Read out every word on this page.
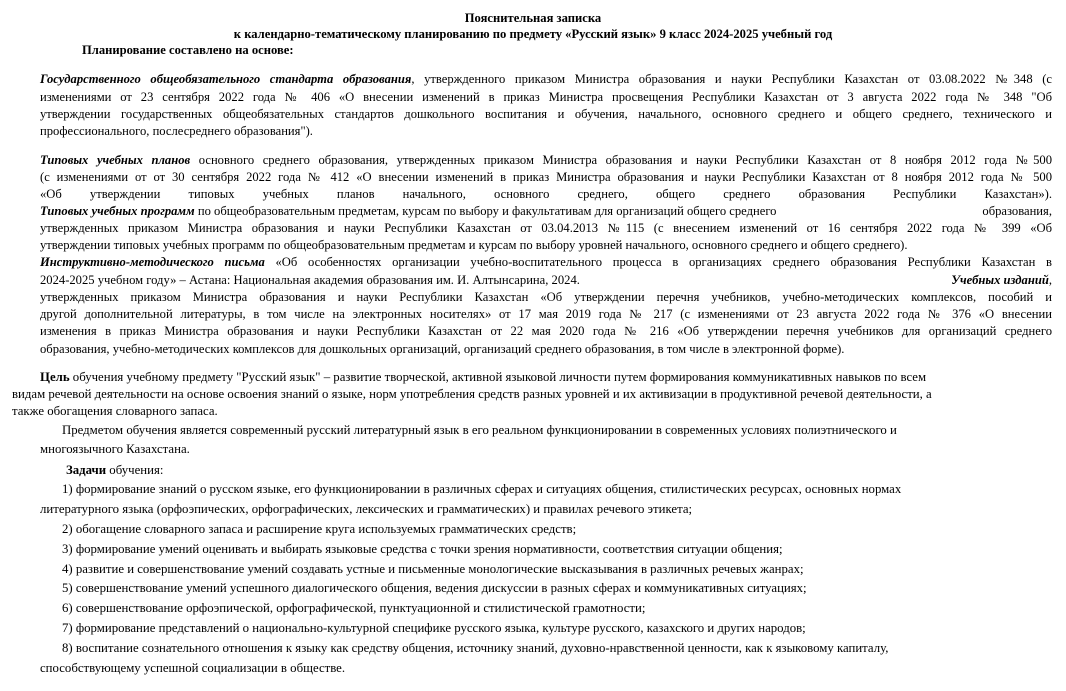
Пояснительная записка
к календарно-тематическому планированию по предмету «Русский язык» 9 класс 2024-2025 учебный год
Планирование составлено на основе:
Государственного общеобязательного стандарта образования, утвержденного приказом Министра образования и науки Республики Казахстан от 03.08.2022 №348 (с
изменениями от 23 сентября 2022 года № 406 «О внесении изменений в приказ Министра просвещения Республики Казахстан от 3 августа 2022 года № 348 "Об
утверждении государственных общеобязательных стандартов дошкольного воспитания и обучения, начального, основного среднего и общего среднего, технического и
профессионального, послесреднего образования").
Типовых учебных планов основного среднего образования, утвержденных приказом Министра образования и науки Республики Казахстан от 8 ноября 2012 года №500
(с изменениями от от 30 сентября 2022 года № 412 «О внесении изменений в приказ Министра образования и науки Республики Казахстан от 8 ноября 2012 года № 500
«Об утверждении типовых учебных планов начального, основного среднего, общего среднего образования Республики Казахстан»).
Типовых учебных программ по общеобразовательным предметам, курсам по выбору и факультативам для организаций общего среднего	образования,
утвержденных приказом Министра образования и науки Республики Казахстан от 03.04.2013 №115 (с внесением изменений от 16 сентября 2022 года № 399 «Об
утверждении типовых учебных программ по общеобразовательным предметам и курсам по выбору уровней начального, основного среднего и общего среднего).
Инструктивно-методического письма «Об особенностях организации учебно-воспитательного процесса в организациях среднего образования Республики Казахстан в
2024-2025 учебном году» – Астана: Национальная академия образования им. И. Алтынсарина, 2024.	Учебных изданий,
утвержденных приказом Министра образования и науки Республики Казахстан «Об утверждении перечня учебников, учебно-методических комплексов, пособий и
другой дополнительной литературы, в том числе на электронных носителях» от 17 мая 2019 года № 217 (с изменениями от 23 августа 2022 года № 376 «О внесении
изменения в приказ Министра образования и науки Республики Казахстан от 22 мая 2020 года № 216 «Об утверждении перечня учебников для организаций среднего
образования, учебно-методических комплексов для дошкольных организаций, организаций среднего образования, в том числе в электронной форме).
Цель обучения учебному предмету "Русский язык" – развитие творческой, активной языковой личности путем формирования коммуникативных навыков по всем
видам речевой деятельности на основе освоения знаний о языке, норм употребления средств разных уровней и их активизации в продуктивной речевой деятельности, а
также обогащения словарного запаса.
Предметом обучения является современный русский литературный язык в его реальном функционировании в современных условиях полиэтнического и
многоязычного Казахстана.
Задачи обучения:
1) формирование знаний о русском языке, его функционировании в различных сферах и ситуациях общения, стилистических ресурсах, основных нормах
литературного языка (орфоэпических, орфографических, лексических и грамматических) и правилах речевого этикета;
2) обогащение словарного запаса и расширение круга используемых грамматических средств;
3) формирование умений оценивать и выбирать языковые средства с точки зрения нормативности, соответствия ситуации общения;
4) развитие и совершенствование умений создавать устные и письменные монологические высказывания в различных речевых жанрах;
5) совершенствование умений успешного диалогического общения, ведения дискуссии в разных сферах и коммуникативных ситуациях;
6) совершенствование орфоэпической, орфографической, пунктуационной и стилистической грамотности;
7) формирование представлений о национально-культурной специфике русского языка, культуре русского, казахского и других народов;
8) воспитание сознательного отношения к языку как средству общения, источнику знаний, духовно-нравственной ценности, как к языковому капиталу,
способствующему успешной социализации в обществе.
